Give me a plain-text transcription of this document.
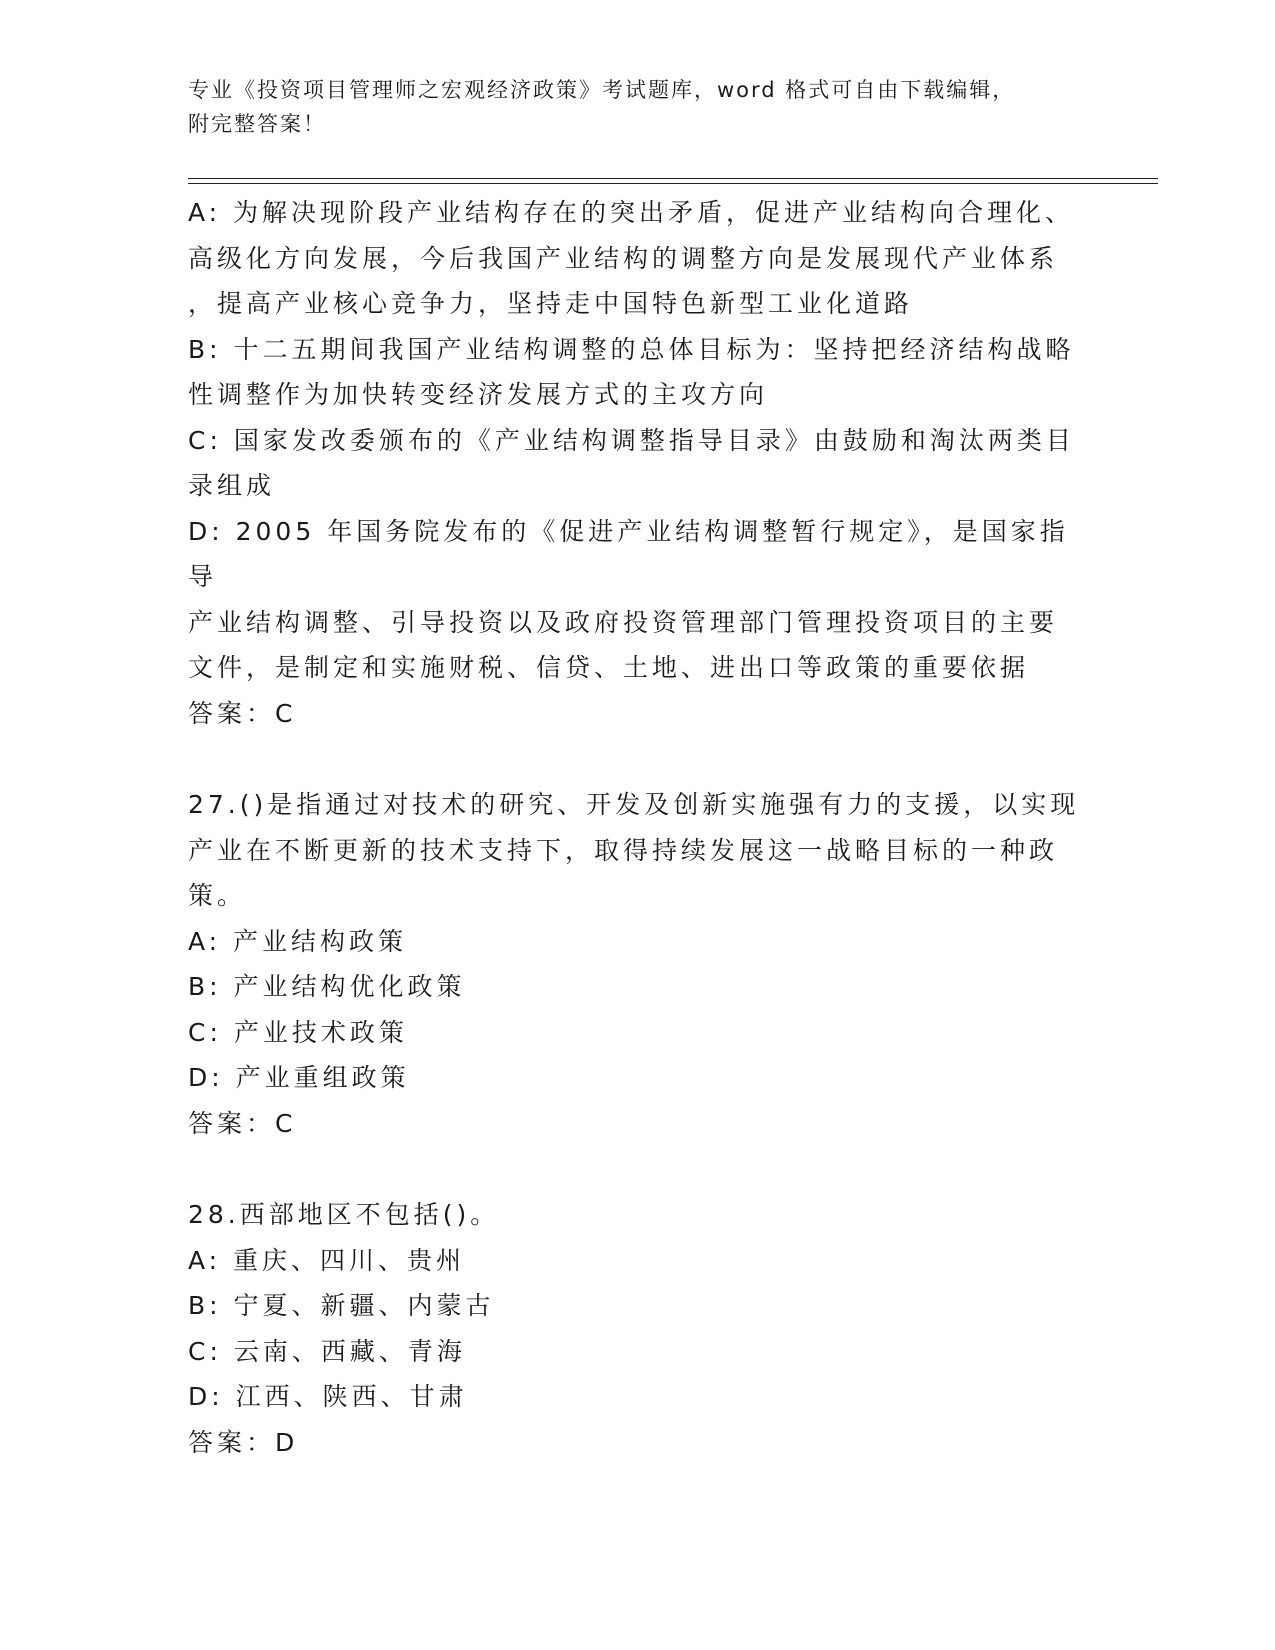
专业《投资项目管理师之宏观经济政策》考试题库，word 格式可自由下载编辑，

附完整答案！

A: 为解决现阶段产业结构存在的突出矛盾，促进产业结构向合理化、

高级化方向发展，今后我国产业结构的调整方向是发展现代产业体系

，提高产业核心竞争力，坚持走中国特色新型工业化道路

B: 十二五期间我国产业结构调整的总体目标为：坚持把经济结构战略

性调整作为加快转变经济发展方式的主攻方向

C: 国家发改委颁布的《产业结构调整指导目录》由鼓励和淘汰两类目

录组成

D: 2005 年国务院发布的《促进产业结构调整暂行规定》，是国家指导

产业结构调整、引导投资以及政府投资管理部门管理投资项目的主要

文件，是制定和实施财税、信贷、土地、进出口等政策的重要依据

答案：C

27.()是指通过对技术的研究、开发及创新实施强有力的支援，以实现

产业在不断更新的技术支持下，取得持续发展这一战略目标的一种政

策。

A: 产业结构政策

B: 产业结构优化政策

C: 产业技术政策

D: 产业重组政策

答案：C

28.西部地区不包括()。

A: 重庆、四川、贵州

B: 宁夏、新疆、内蒙古

C: 云南、西藏、青海

D: 江西、陕西、甘肃

答案：D
